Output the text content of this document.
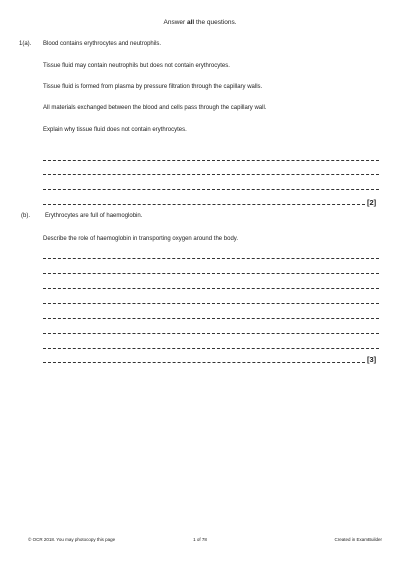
Answer all the questions.
1(a). Blood contains erythrocytes and neutrophils.
Tissue fluid may contain neutrophils but does not contain erythrocytes.
Tissue fluid is formed from plasma by pressure filtration through the capillary walls.
All materials exchanged between the blood and cells pass through the capillary wall.
Explain why tissue fluid does not contain erythrocytes.
[2]
(b).	Erythrocytes are full of haemoglobin.
Describe the role of haemoglobin in transporting oxygen around the body.
[3]
© OCR 2018. You may photocopy this page	1 of 78	Created in ExamBuilder
